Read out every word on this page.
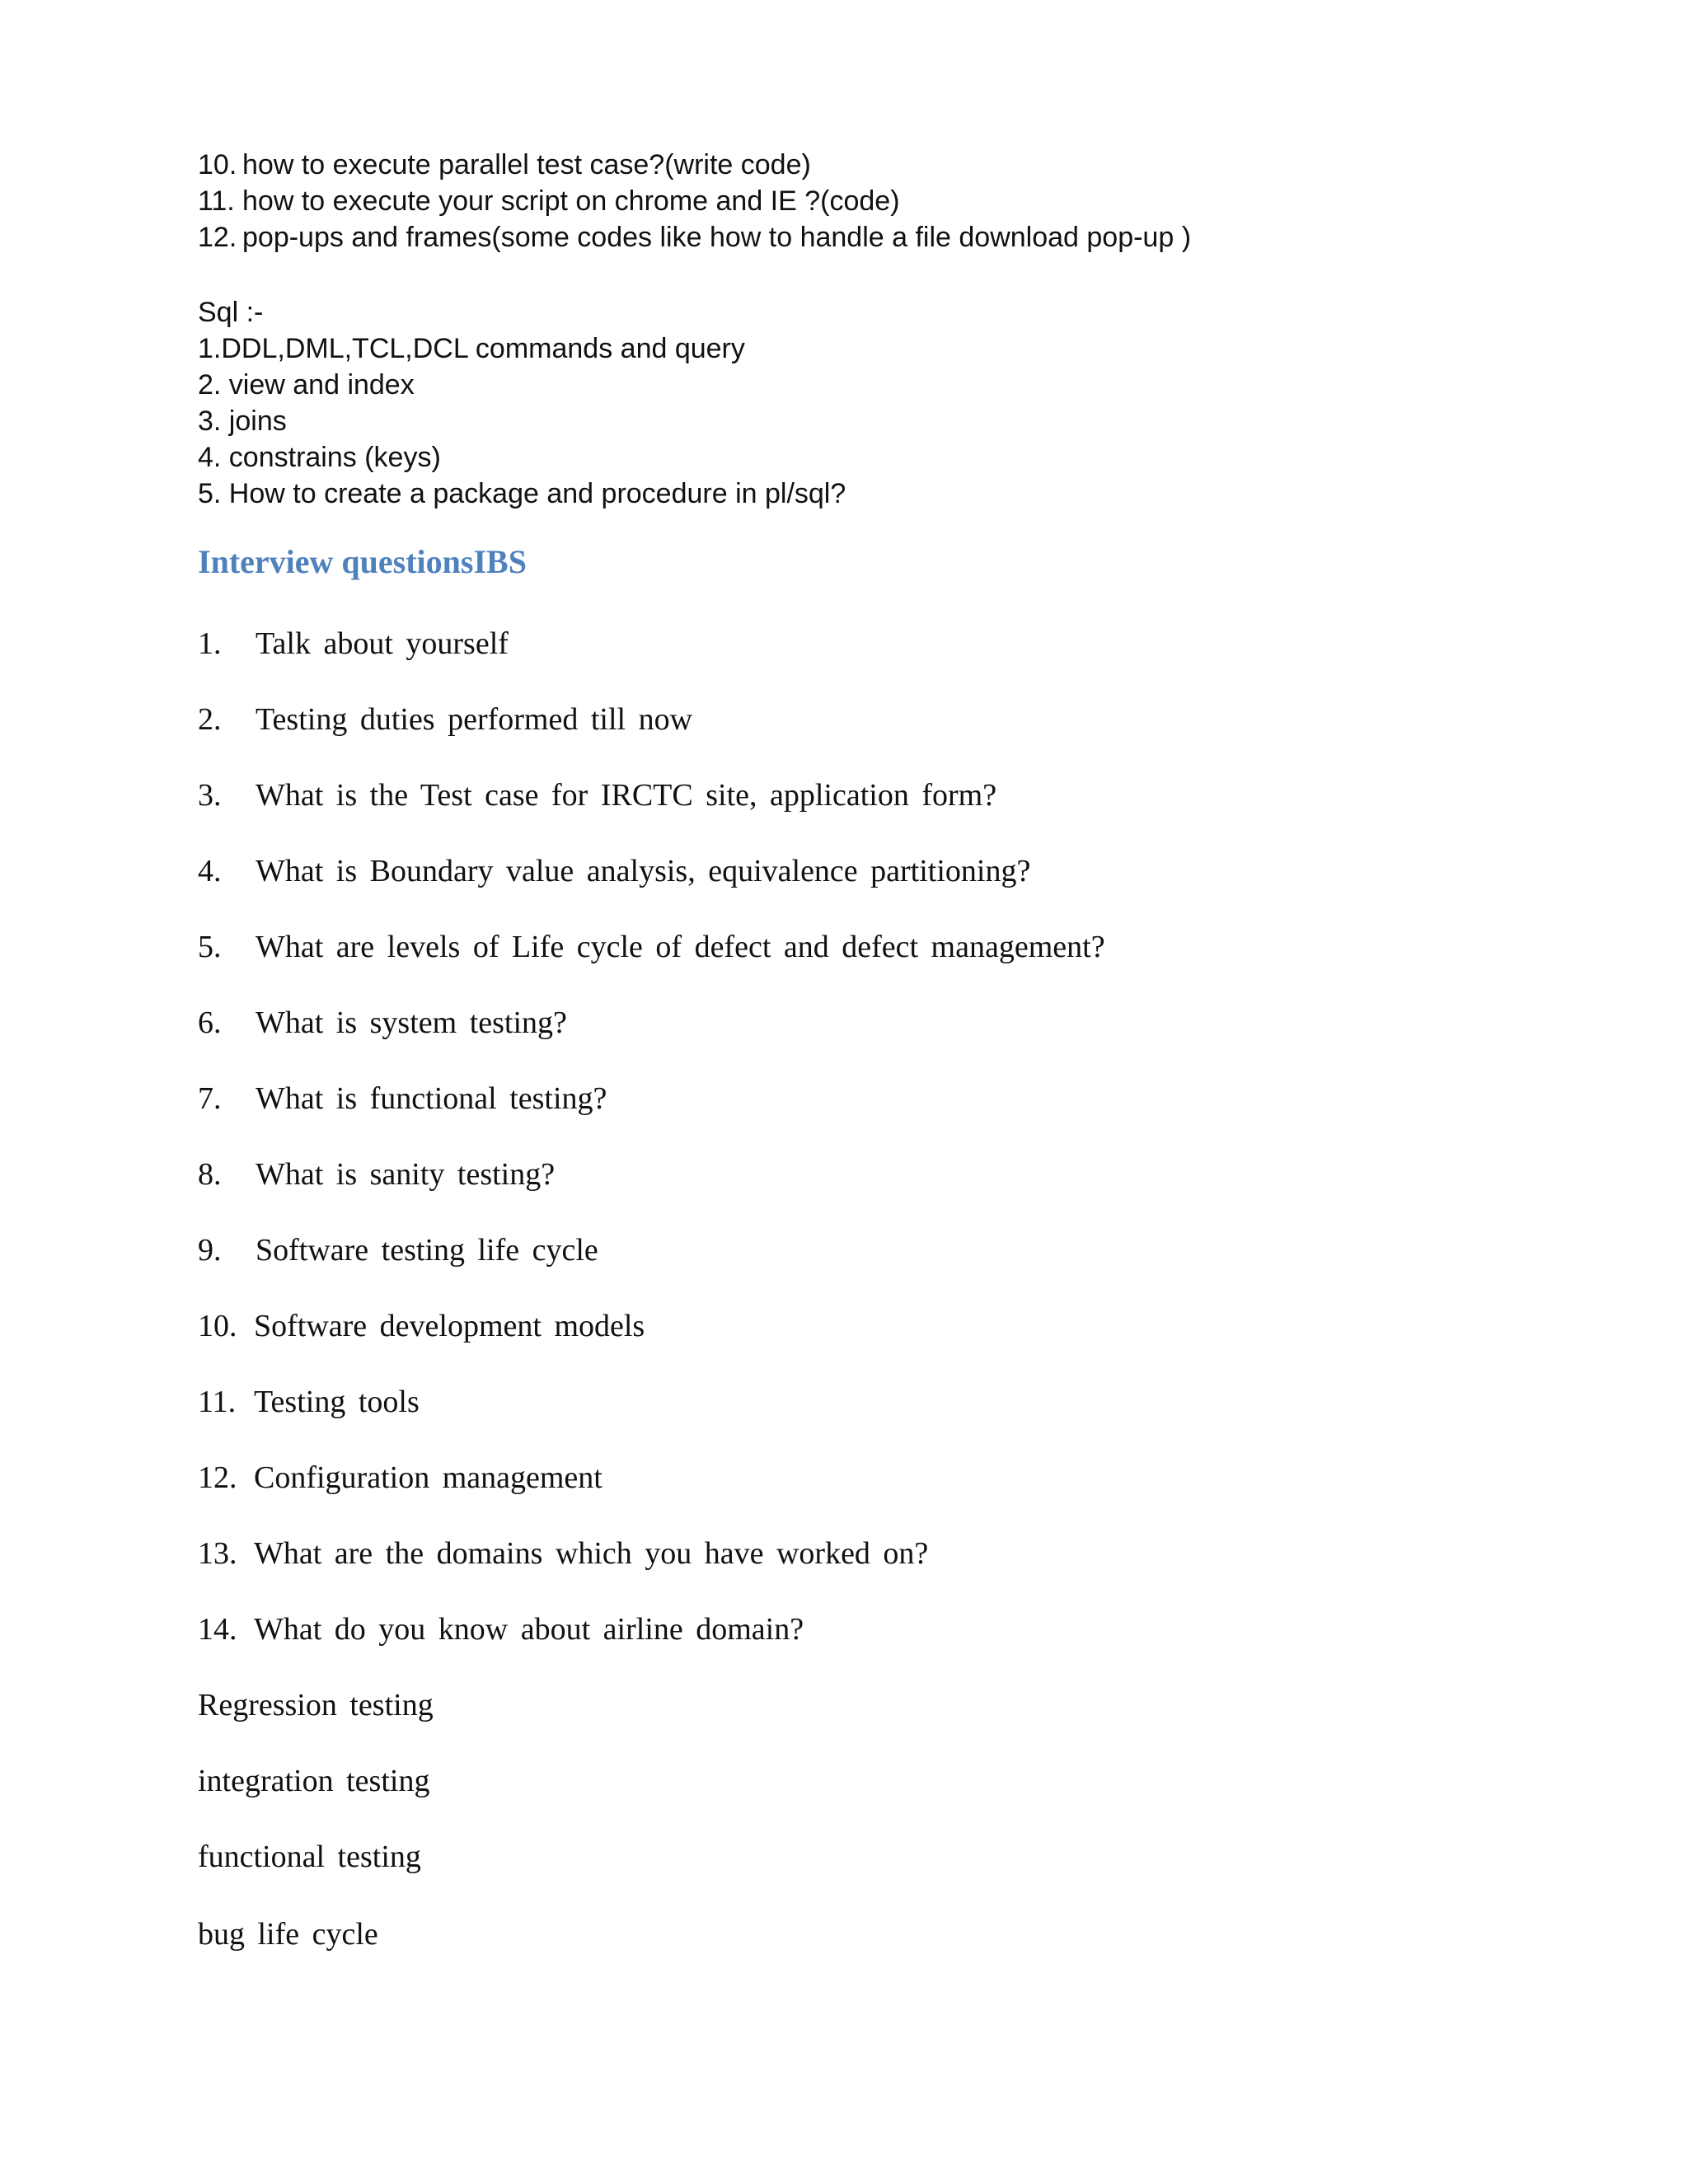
10. how to execute parallel test case?(write code)
11. how to execute your script on chrome and IE ?(code)
12. pop-ups and frames(some codes like how to handle a file download pop-up )
Sql :-
1.DDL,DML,TCL,DCL commands and query
2. view and index
3. joins
4. constrains (keys)
5. How to create a package and procedure in pl/sql?
Interview questionsIBS
1. Talk about yourself
2. Testing duties performed till now
3. What is the Test case for IRCTC site, application form?
4. What is Boundary value analysis, equivalence partitioning?
5. What are levels of Life cycle of defect and defect management?
6. What is system testing?
7. What is functional testing?
8. What is sanity testing?
9. Software testing life cycle
10. Software development models
11. Testing tools
12. Configuration management
13. What are the domains which you have worked on?
14. What do you know about airline domain?
Regression testing
integration testing
functional testing
bug life cycle
